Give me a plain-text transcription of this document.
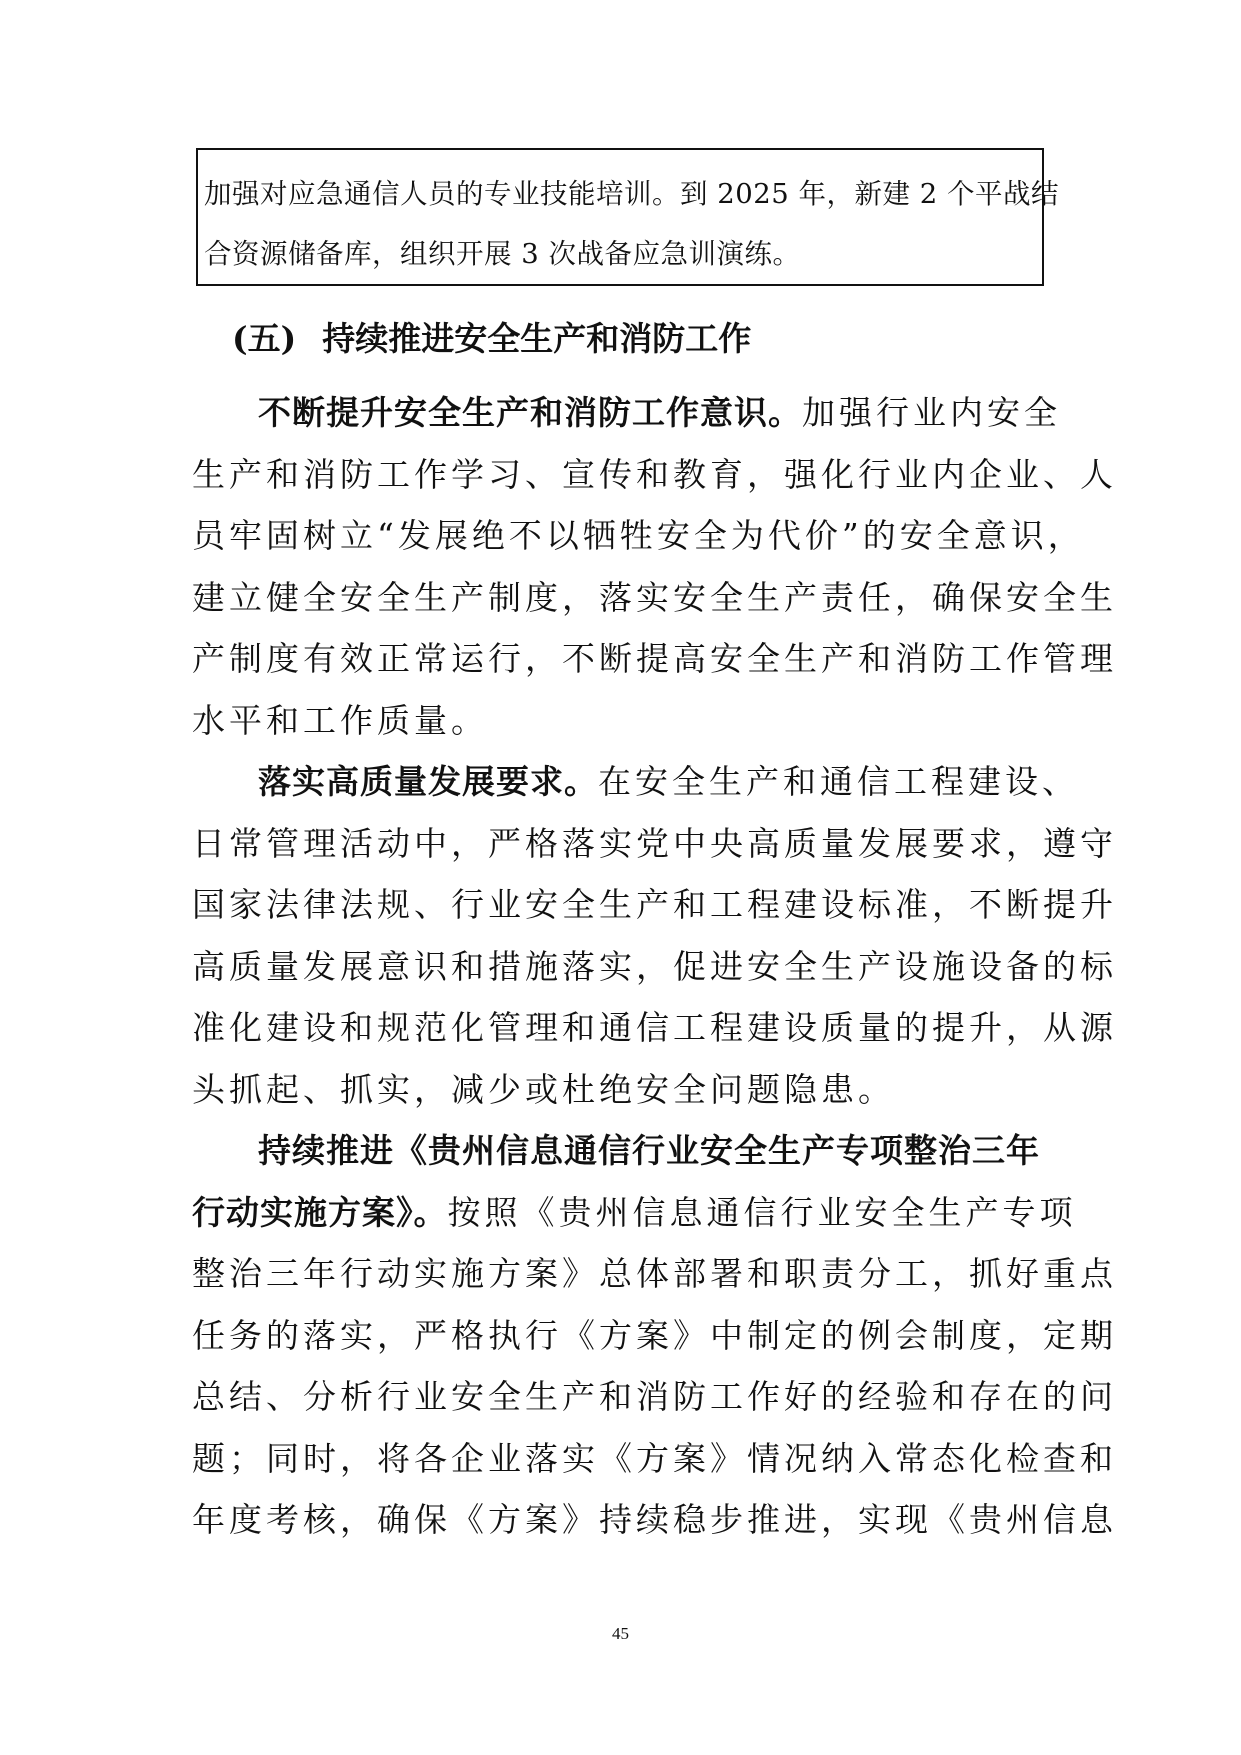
加强对应急通信人员的专业技能培训。到 2025 年，新建 2 个平战结
合资源储备库，组织开展 3 次战备应急训演练。
(五) 持续推进安全生产和消防工作
不断提升安全生产和消防工作意识。加强行业内安全
生产和消防工作学习、宣传和教育，强化行业内企业、人
员牢固树立“发展绝不以牺牲安全为代价”的安全意识，
建立健全安全生产制度，落实安全生产责任，确保安全生
产制度有效正常运行，不断提高安全生产和消防工作管理
水平和工作质量。
落实高质量发展要求。在安全生产和通信工程建设、
日常管理活动中，严格落实党中央高质量发展要求，遵守
国家法律法规、行业安全生产和工程建设标准，不断提升
高质量发展意识和措施落实，促进安全生产设施设备的标
准化建设和规范化管理和通信工程建设质量的提升，从源
头抓起、抓实，减少或杜绝安全问题隐患。
持续推进《贵州信息通信行业安全生产专项整治三年
行动实施方案》。按照《贵州信息通信行业安全生产专项
整治三年行动实施方案》总体部署和职责分工，抓好重点
任务的落实，严格执行《方案》中制定的例会制度，定期
总结、分析行业安全生产和消防工作好的经验和存在的问
题；同时，将各企业落实《方案》情况纳入常态化检查和
年度考核，确保《方案》持续稳步推进，实现《贵州信息
45
